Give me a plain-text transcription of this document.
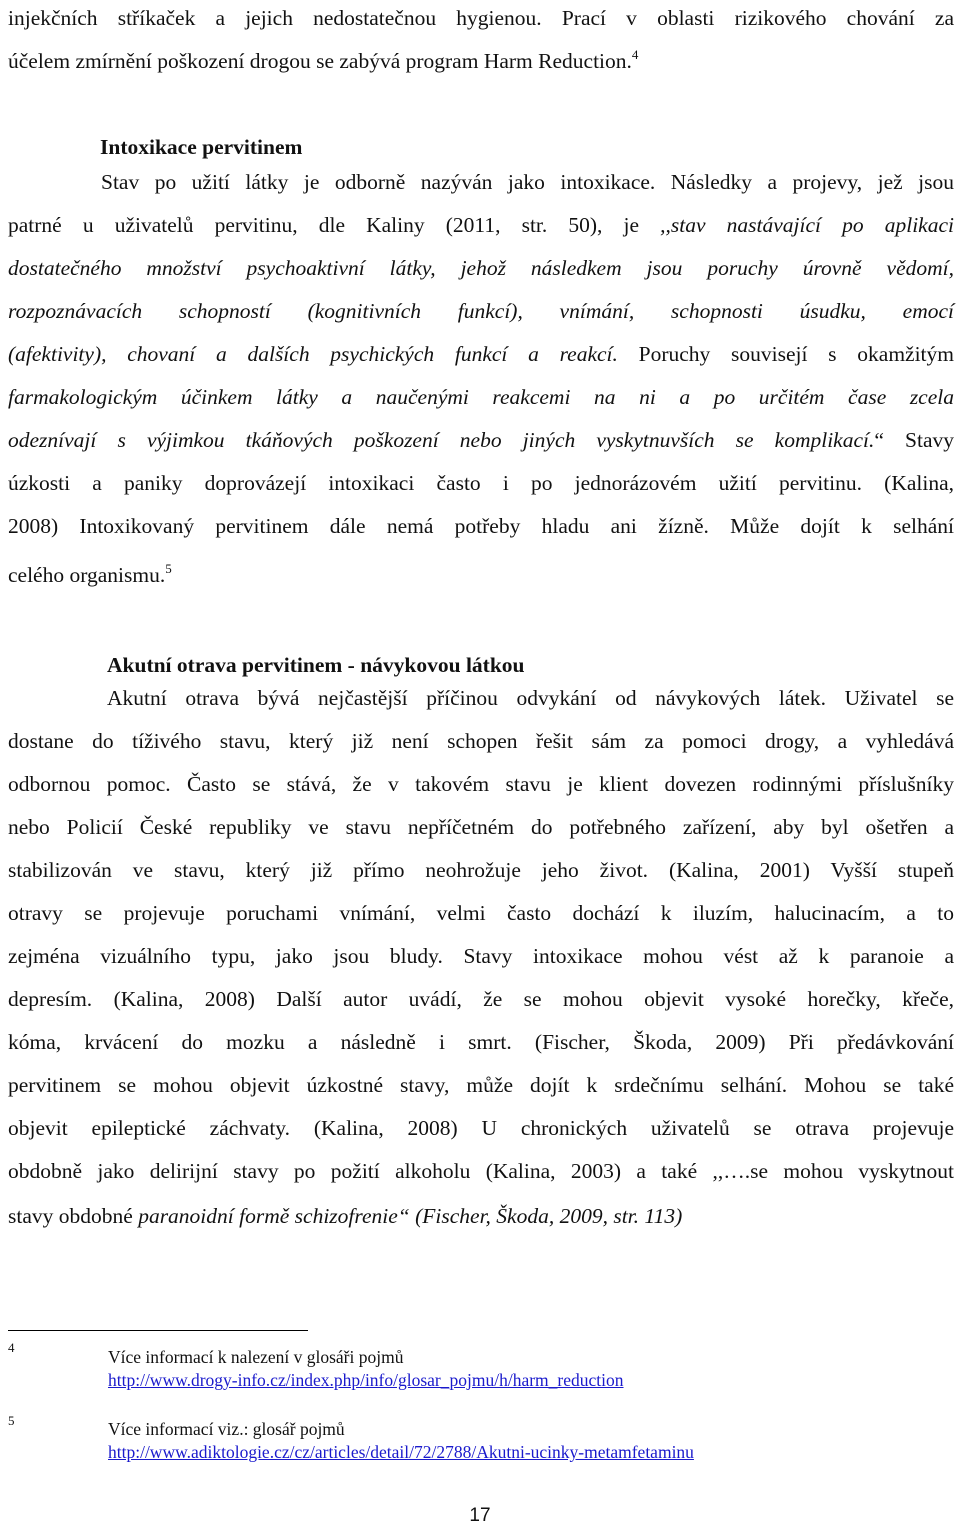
injekčních stříkaček a jejich nedostatečnou hygienou. Prací v oblasti rizikového chování za
účelem zmírnění poškození drogou se zabývá program Harm Reduction.$^4$
Intoxikace pervitinem
Stav po užití látky je odborně nazýván jako intoxikace. Následky a projevy, jež jsou
patrné u uživatelů pervitinu, dle Kaliny (2011, str. 50), je ,,stav nastávající po aplikaci
dostatečného množství psychoaktivní látky, jehož následkem jsou poruchy úrovně vědomí,
rozpoznávacích schopností (kognitivních funkcí), vnímání, schopnosti úsudku, emocí
(afektivity), chovaní a dalších psychických funkcí a reakcí. Poruchy souvisejí s okamžitým
farmakologickým účinkem látky a naučenými reakcemi na ni a po určitém čase zcela
odeznívají s výjimkou tkáňových poškození nebo jiných vyskytnuvších se komplikací.“ Stavy
úzkosti a paniky doprovázejí intoxikaci často i po jednorázovém užití pervitinu. (Kalina,
2008) Intoxikovaný pervitinem dále nemá potřeby hladu ani žízně. Může dojít k selhání
celého organismu.$^5$
Akutní otrava pervitinem - návykovou látkou
Akutní otrava bývá nejčastější příčinou odvykání od návykových látek. Uživatel se
dostane do tíživého stavu, který již není schopen řešit sám za pomoci drogy, a vyhledává
odbornou pomoc. Často se stává, že v takovém stavu je klient dovezen rodinnými příslušníky
nebo Policií České republiky ve stavu nepříčetném do potřebného zařízení, aby byl ošetřen a
stabilizován ve stavu, který již přímo neohrožuje jeho život. (Kalina, 2001) Vyšší stupeň
otravy se projevuje poruchami vnímání, velmi často dochází k iluzím, halucinacím, a to
zejména vizuálního typu, jako jsou bludy. Stavy intoxikace mohou vést až k paranoie a
depresím. (Kalina, 2008) Další autor uvádí, že se mohou objevit vysoké horečky, křeče,
kóma, krvácení do mozku a následně i smrt. (Fischer, Škoda, 2009) Při předávkování
pervitinem se mohou objevit úzkostné stavy, může dojít k srdečnímu selhání. Mohou se také
objevit epileptické záchvaty. (Kalina, 2008) U chronických uživatelů se otrava projevuje
obdobně jako delirijní stavy po požití alkoholu (Kalina, 2003) a také ,,….se mohou vyskytnout
stavy obdobné paranoidní formě schizofrenie“ (Fischer, Škoda, 2009, str. 113)
4	Více informací k nalezení v glosáři pojmů
http://www.drogy-info.cz/index.php/info/glosar_pojmu/h/harm_reduction
5	Více informací viz.: glosář pojmů
http://www.adiktologie.cz/cz/articles/detail/72/2788/Akutni-ucinky-metamfetaminu
17
